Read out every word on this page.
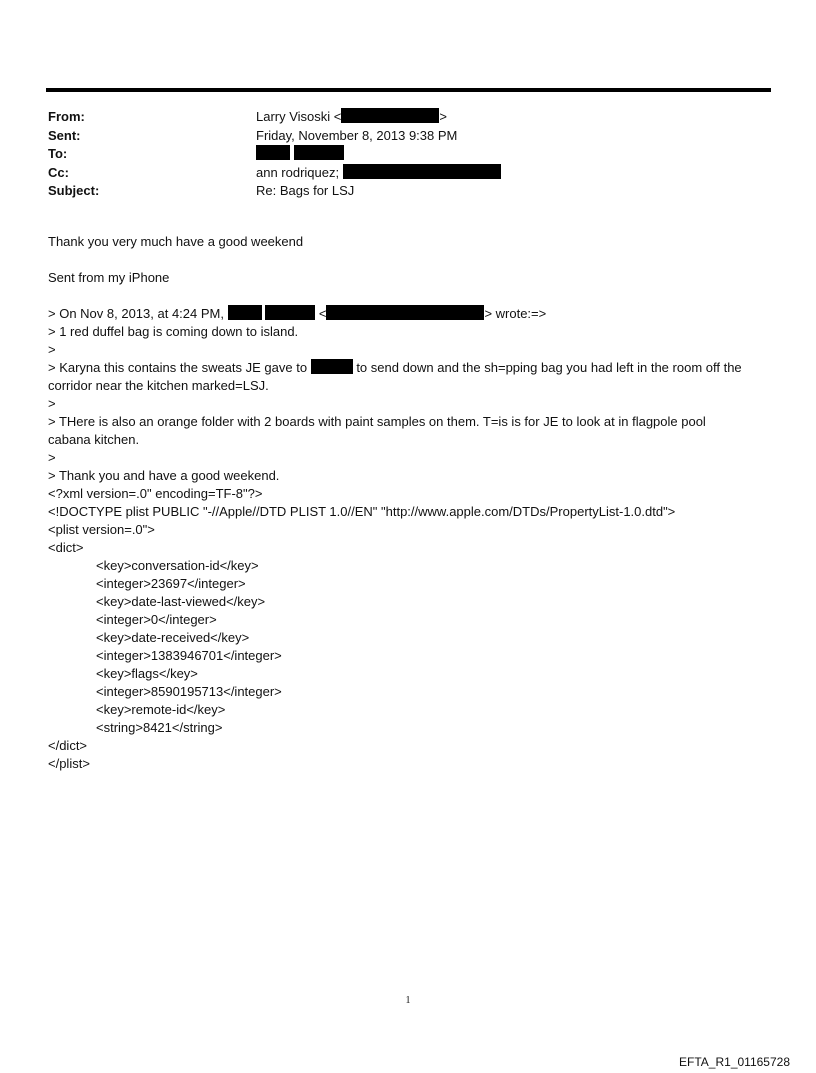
From:	Larry Visoski <	>
Sent:	Friday, November 8, 2013 9:38 PM
To:

Cc:	ann rodriquez;
Subject:	Re: Bags for LSJ
Thank you very much have a good weekend
Sent from my iPhone
> On Nov 8, 2013, at 4:24 PM,	<	> wrote:=>
> 1 red duffel bag is coming down to island.
>
> Karyna this contains the sweats JE gave to	to send down and the sh=pping bag you had left in the room off the
corridor near the kitchen marked=LSJ.
>
> THere is also an orange folder with 2 boards with paint samples on them. T=is is for JE to look at in flagpole pool
cabana kitchen.
>
> Thank you and have a good weekend.
<?xml version=.0" encoding=TF-8"?>
<!DOCTYPE plist PUBLIC "-//Apple//DTD PLIST 1.0//EN" "http://www.apple.com/DTDs/PropertyList-1.0.dtd">
<plist version=.0">
<dict>
<key>conversation-id</key>
<integer>23697</integer>
<key>date-last-viewed</key>
<integer>0</integer>
<key>date-received</key>
<integer>1383946701</integer>
<key>flags</key>
<integer>8590195713</integer>
<key>remote-id</key>
<string>8421</string>
</dict>
</plist>
1
EFTA_R1_01165728
